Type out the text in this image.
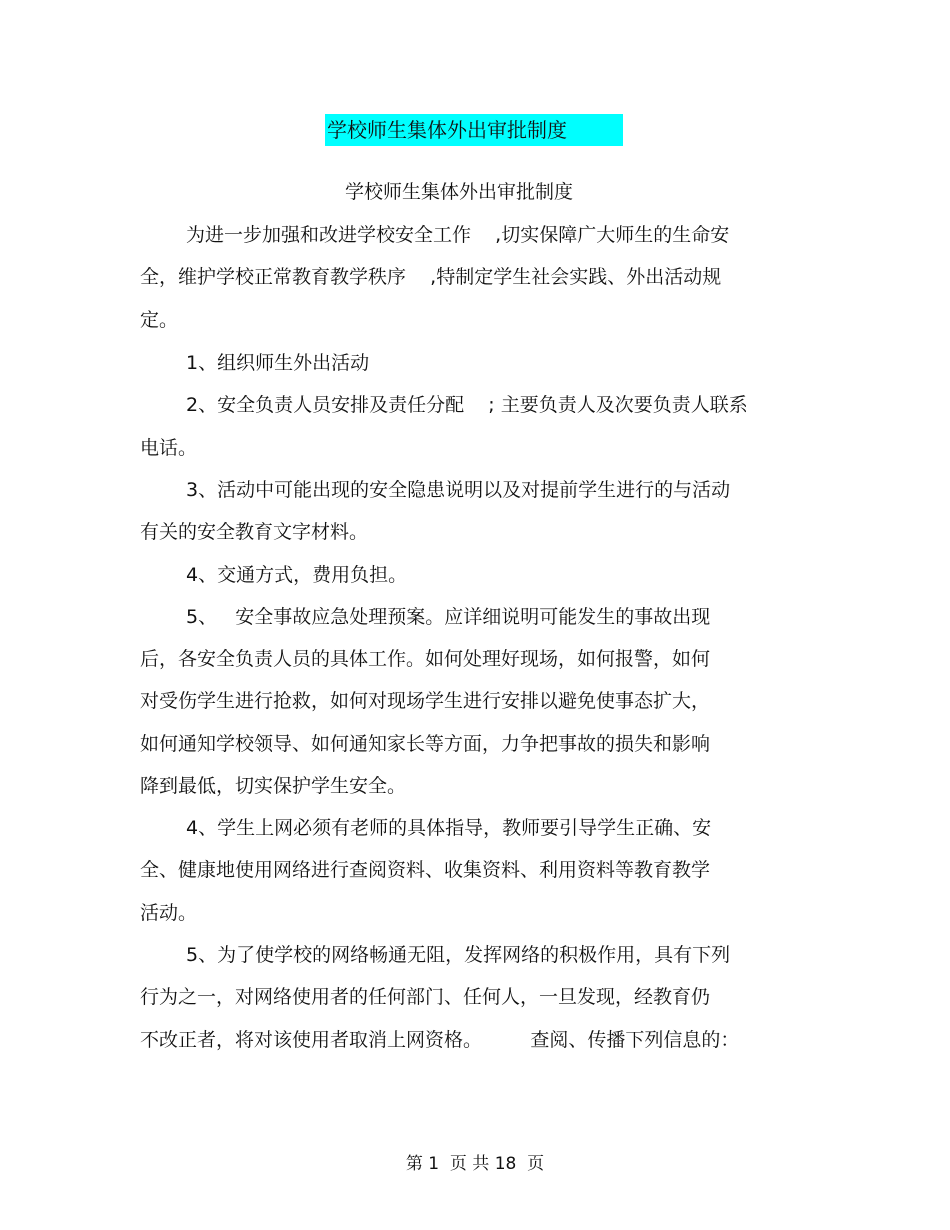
学校师生集体外出审批制度
学校师生集体外出审批制度
为进一步加强和改进学校安全工作    ,切实保障广大师生的生命安
全，维护学校正常教育教学秩序    ,特制定学生社会实践、外出活动规
定。
1、组织师生外出活动
2、安全负责人员安排及责任分配    ; 主要负责人及次要负责人联系
电话。
3、活动中可能出现的安全隐患说明以及对提前学生进行的与活动
有关的安全教育文字材料。
4、交通方式，费用负担。
5、   安全事故应急处理预案。应详细说明可能发生的事故出现
后，各安全负责人员的具体工作。如何处理好现场，如何报警，如何
对受伤学生进行抢救，如何对现场学生进行安排以避免使事态扩大，
如何通知学校领导、如何通知家长等方面，力争把事故的损失和影响
降到最低，切实保护学生安全。
4、学生上网必须有老师的具体指导，教师要引导学生正确、安
全、健康地使用网络进行查阅资料、收集资料、利用资料等教育教学
活动。
5、为了使学校的网络畅通无阻，发挥网络的积极作用，具有下列
行为之一，对网络使用者的任何部门、任何人，一旦发现，经教育仍
不改正者，将对该使用者取消上网资格。        查阅、传播下列信息的：
第 1  页 共 18  页
